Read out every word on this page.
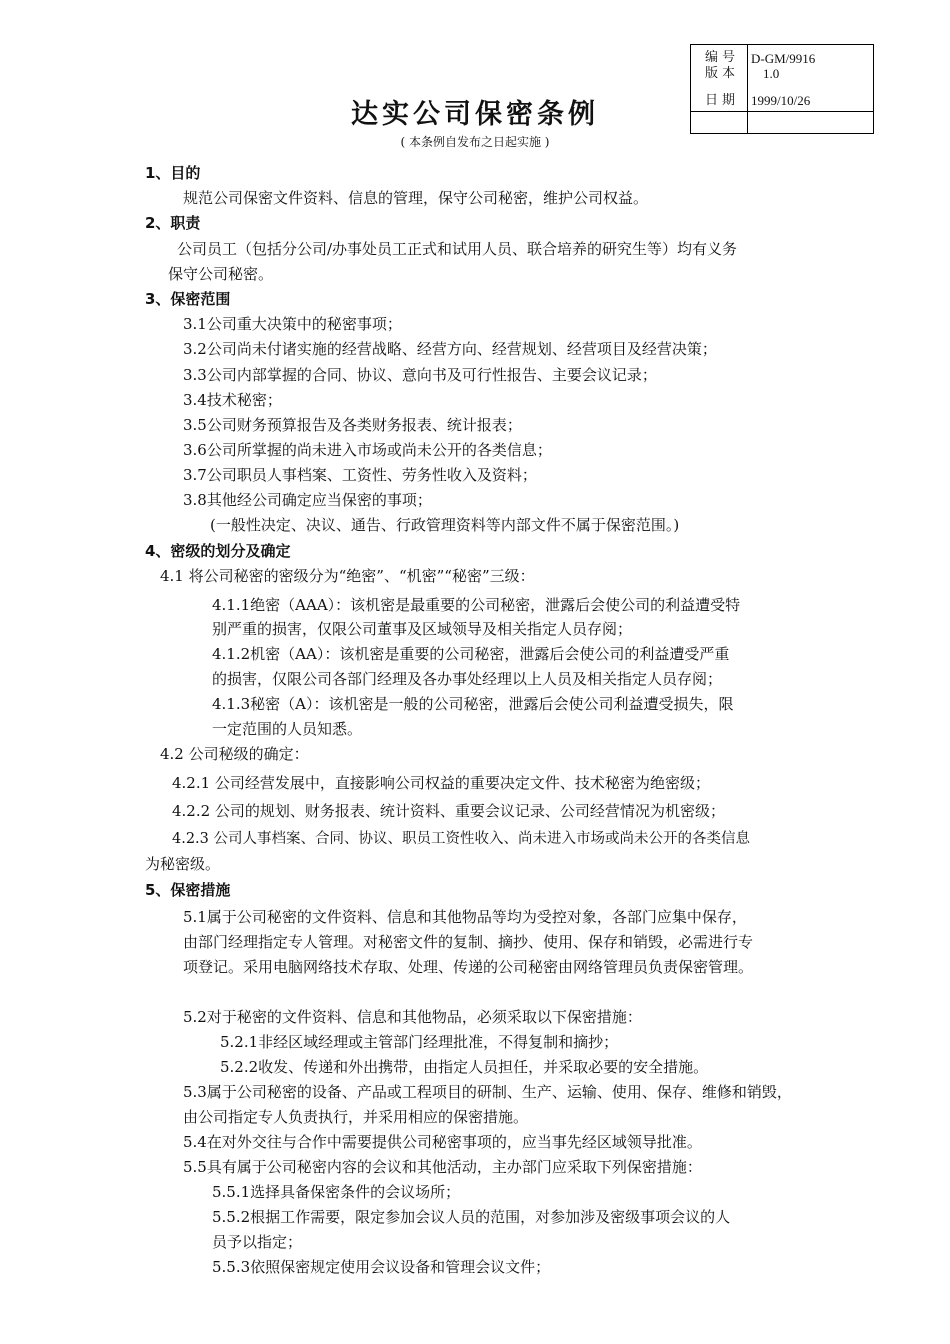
编号 D-GM/9916
版本 1.0
日期 1999/10/26
达实公司保密条例
( 本条例自发布之日起实施 )
1、目的
规范公司保密文件资料、信息的管理，保守公司秘密，维护公司权益。
2、职责
公司员工（包括分公司/办事处员工正式和试用人员、联合培养的研究生等）均有义务
保守公司秘密。
3、保密范围
3.1公司重大决策中的秘密事项；
3.2公司尚未付诸实施的经营战略、经营方向、经营规划、经营项目及经营决策；
3.3公司内部掌握的合同、协议、意向书及可行性报告、主要会议记录；
3.4技术秘密；
3.5公司财务预算报告及各类财务报表、统计报表；
3.6公司所掌握的尚未进入市场或尚未公开的各类信息；
3.7公司职员人事档案、工资性、劳务性收入及资料；
3.8其他经公司确定应当保密的事项；
(一般性决定、决议、通告、行政管理资料等内部文件不属于保密范围。)
4、密级的划分及确定
4.1 将公司秘密的密级分为“绝密”、“机密”“秘密”三级：
4.1.1绝密（AAA）：该机密是最重要的公司秘密，泄露后会使公司的利益遭受特
别严重的损害，仅限公司董事及区域领导及相关指定人员存阅；
4.1.2机密（AA）：该机密是重要的公司秘密，泄露后会使公司的利益遭受严重
的损害，仅限公司各部门经理及各办事处经理以上人员及相关指定人员存阅；
4.1.3秘密（A）：该机密是一般的公司秘密，泄露后会使公司利益遭受损失，限
一定范围的人员知悉。
4.2 公司秘级的确定：
4.2.1 公司经营发展中，直接影响公司权益的重要决定文件、技术秘密为绝密级；
4.2.2 公司的规划、财务报表、统计资料、重要会议记录、公司经营情况为机密级；
4.2.3 公司人事档案、合同、协议、职员工资性收入、尚未进入市场或尚未公开的各类信息
为秘密级。
5、保密措施
5.1属于公司秘密的文件资料、信息和其他物品等均为受控对象，各部门应集中保存，
由部门经理指定专人管理。对秘密文件的复制、摘抄、使用、保存和销毁，必需进行专
项登记。采用电脑网络技术存取、处理、传递的公司秘密由网络管理员负责保密管理。
5.2对于秘密的文件资料、信息和其他物品，必须采取以下保密措施：
5.2.1非经区域经理或主管部门经理批准，不得复制和摘抄；
5.2.2收发、传递和外出携带，由指定人员担任，并采取必要的安全措施。
5.3属于公司秘密的设备、产品或工程项目的研制、生产、运输、使用、保存、维修和销毁，
由公司指定专人负责执行，并采用相应的保密措施。
5.4在对外交往与合作中需要提供公司秘密事项的，应当事先经区域领导批准。
5.5具有属于公司秘密内容的会议和其他活动，主办部门应采取下列保密措施：
5.5.1选择具备保密条件的会议场所；
5.5.2根据工作需要，限定参加会议人员的范围，对参加涉及密级事项会议的人
员予以指定；
5.5.3依照保密规定使用会议设备和管理会议文件；
